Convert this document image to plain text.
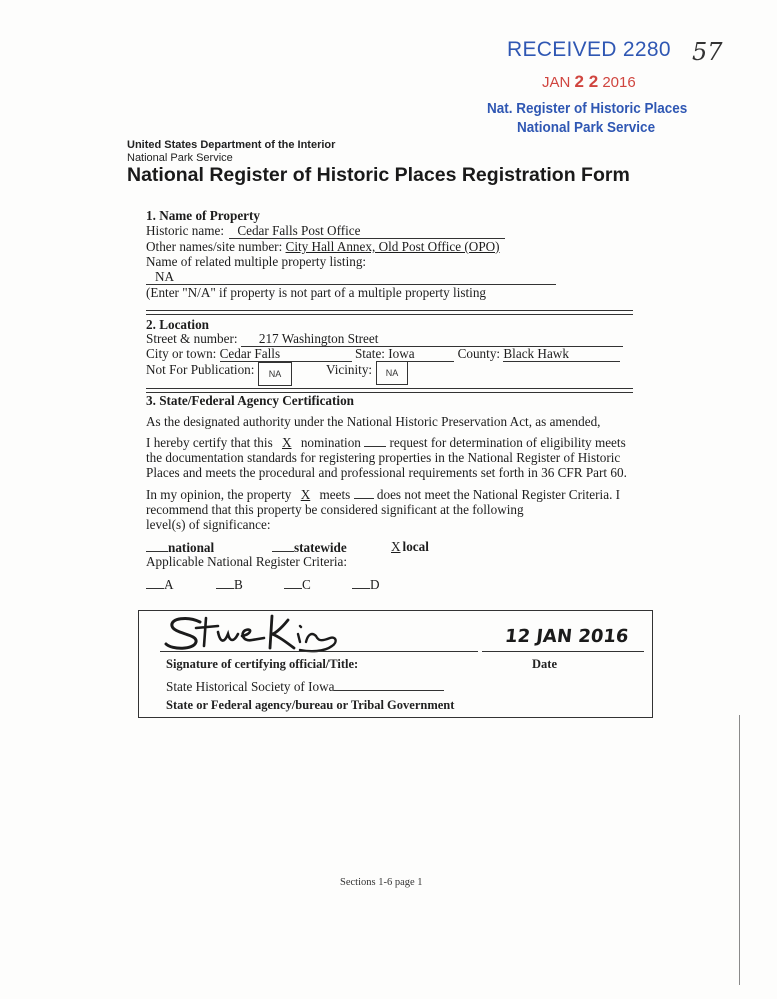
RECEIVED 2280
JAN 2 2 2016
Nat. Register of Historic Places
National Park Service
57
United States Department of the Interior
National Park Service
National Register of Historic Places Registration Form
1. Name of Property
Historic name: Cedar Falls Post Office
Other names/site number: City Hall Annex, Old Post Office (OPO)
Name of related multiple property listing:
NA
(Enter "N/A" if property is not part of a multiple property listing
2. Location
Street & number: 217 Washington Street
City or town: Cedar Falls	State: Iowa	County: Black Hawk
Not For Publication:	NA	Vicinity:	NA
3. State/Federal Agency Certification
As the designated authority under the National Historic Preservation Act, as amended,
I hereby certify that this X nomination request for determination of eligibility meets
the documentation standards for registering properties in the National Register of Historic
Places and meets the procedural and professional requirements set forth in 36 CFR Part 60.
In my opinion, the property X meets does not meet the National Register Criteria. I
recommend that this property be considered significant at the following
level(s) of significance:
national	statewide	X local
Applicable National Register Criteria:
A	B	C	D
12 JAN 2016
Signature of certifying official/Title:	Date
State Historical Society of Iowa
State or Federal agency/bureau or Tribal Government
Sections 1-6 page 1
